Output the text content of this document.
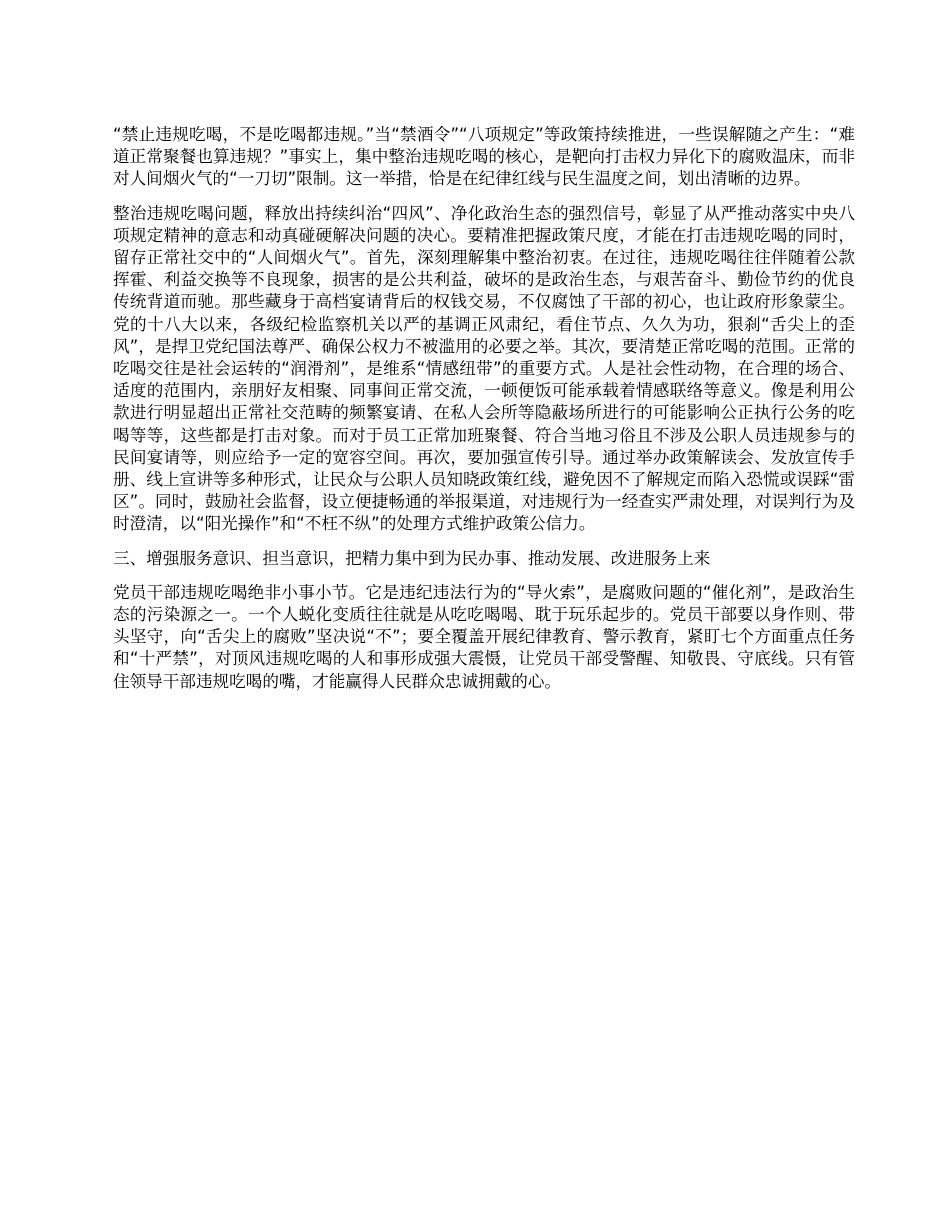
“禁止违规吃喝，不是吃喝都违规。”当“禁酒令”“八项规定”等政策持续推进，一些误解随之产生：“难道正常聚餐也算违规？”事实上，集中整治违规吃喝的核心，是靶向打击权力异化下的腐败温床，而非对人间烟火气的“一刀切”限制。这一举措，恰是在纪律红线与民生温度之间，划出清晰的边界。

整治违规吃喝问题，释放出持续纠治“四风”、净化政治生态的强烈信号，彰显了从严推动落实中央八项规定精神的意志和动真碰硬解决问题的决心。要精准把握政策尺度，才能在打击违规吃喝的同时，留存正常社交中的“人间烟火气”。首先，深刻理解集中整治初衷。在过往，违规吃喝往往伴随着公款挥霍、利益交换等不良现象，损害的是公共利益，破坏的是政治生态，与艰苦奋斗、勤俭节约的优良传统背道而驰。那些藏身于高档宴请背后的权钱交易，不仅腐蚀了干部的初心，也让政府形象蒙尘。党的十八大以来，各级纪检监察机关以严的基调正风肃纪，看住节点、久久为功，狠刹“舌尖上的歪风”，是捍卫党纪国法尊严、确保公权力不被滥用的必要之举。其次，要清楚正常吃喝的范围。正常的吃喝交往是社会运转的“润滑剂”，是维系“情感纽带”的重要方式。人是社会性动物，在合理的场合、适度的范围内，亲朋好友相聚、同事间正常交流，一顿便饭可能承载着情感联络等意义。像是利用公款进行明显超出正常社交范畴的频繁宴请、在私人会所等隐蔽场所进行的可能影响公正执行公务的吃喝等等，这些都是打击对象。而对于员工正常加班聚餐、符合当地习俗且不涉及公职人员违规参与的民间宴请等，则应给予一定的宽容空间。再次，要加强宣传引导。通过举办政策解读会、发放宣传手册、线上宣讲等多种形式，让民众与公职人员知晓政策红线，避免因不了解规定而陷入恐慌或误踩“雷区”。同时，鼓励社会监督，设立便捷畅通的举报渠道，对违规行为一经查实严肃处理，对误判行为及时澄清，以“阳光操作”和“不枉不纵”的处理方式维护政策公信力。

三、增强服务意识、担当意识，把精力集中到为民办事、推动发展、改进服务上来

党员干部违规吃喝绝非小事小节。它是违纪违法行为的“导火索”，是腐败问题的“催化剂”，是政治生态的污染源之一。一个人蜕化变质往往就是从吃吃喝喝、耽于玩乐起步的。党员干部要以身作则、带头坚守，向“舌尖上的腐败”坚决说“不”；要全覆盖开展纪律教育、警示教育，紧盯七个方面重点任务和“十严禁”，对顶风违规吃喝的人和事形成强大震慑，让党员干部受警醒、知敬畏、守底线。只有管住领导干部违规吃喝的嘴，才能赢得人民群众忠诚拥戴的心。
